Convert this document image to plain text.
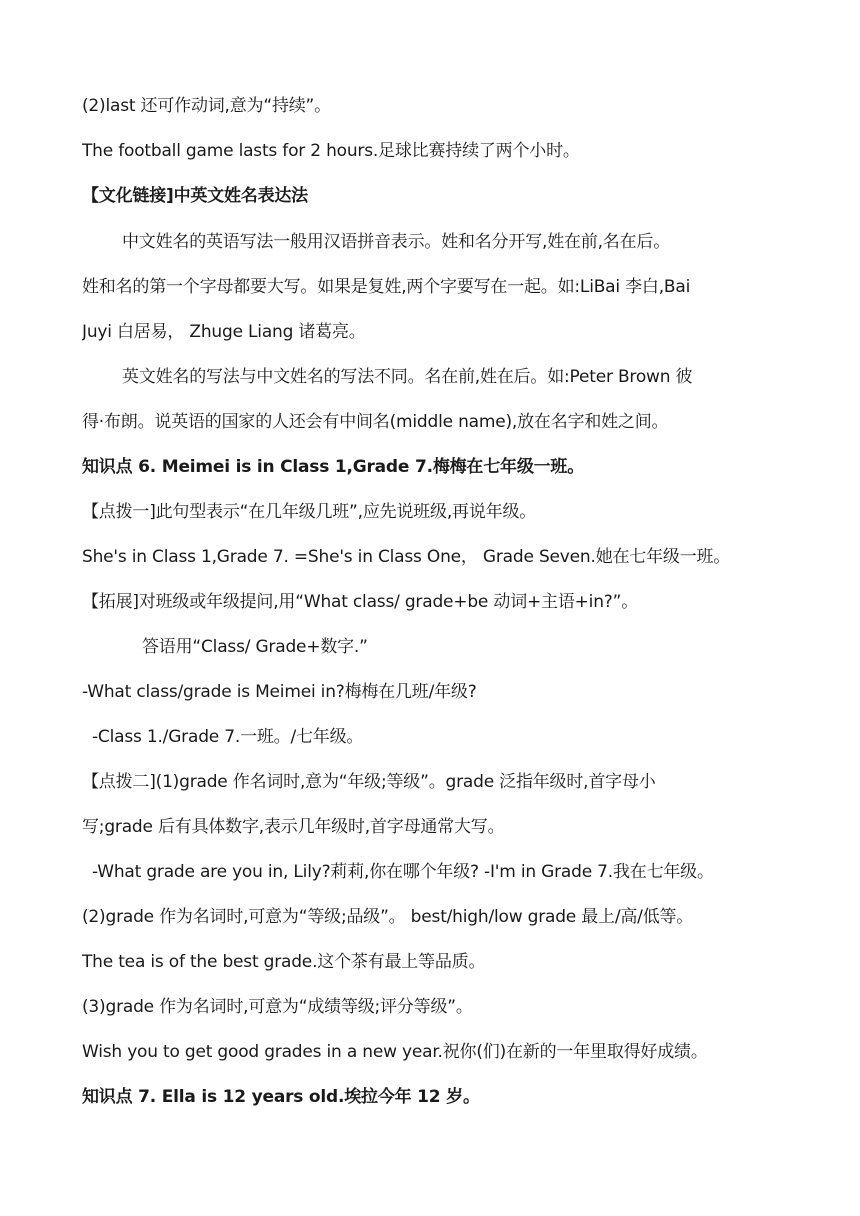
(2)last 还可作动词,意为“持续”。
The football game lasts for 2 hours.足球比赛持续了两个小时。
【文化链接]中英文姓名表达法
中文姓名的英语写法一般用汉语拼音表示。姓和名分开写,姓在前,名在后。
姓和名的第一个字母都要大写。如果是复姓,两个字要写在一起。如:LiBai 李白,Bai
Juyi 白居易， Zhuge Liang 诸葛亮。
英文姓名的写法与中文姓名的写法不同。名在前,姓在后。如:Peter Brown 彼
得·布朗。说英语的国家的人还会有中间名(middle name),放在名字和姓之间。
知识点 6. Meimei is in Class 1,Grade 7.梅梅在七年级一班。
【点拨一]此句型表示“在几年级几班”,应先说班级,再说年级。
She's in Class 1,Grade 7. =She's in Class One， Grade Seven.她在七年级一班。
【拓展]对班级或年级提问,用“What class/ grade+be 动词+主语+in?”。
答语用“Class/ Grade+数字.”
-What class/grade is Meimei in?梅梅在几班/年级?
-Class 1./Grade 7.一班。/七年级。
【点拨二](1)grade 作名词时,意为“年级;等级”。grade 泛指年级时,首字母小
写;grade 后有具体数字,表示几年级时,首字母通常大写。
-What grade are you in, Lily?莉莉,你在哪个年级? -I'm in Grade 7.我在七年级。
(2)grade 作为名词时,可意为“等级;品级”。 best/high/low grade 最上/高/低等。
The tea is of the best grade.这个茶有最上等品质。
(3)grade 作为名词时,可意为“成绩等级;评分等级”。
Wish you to get good grades in a new year.祝你(们)在新的一年里取得好成绩。
知识点 7. Ella is 12 years old.埃拉今年 12 岁。
